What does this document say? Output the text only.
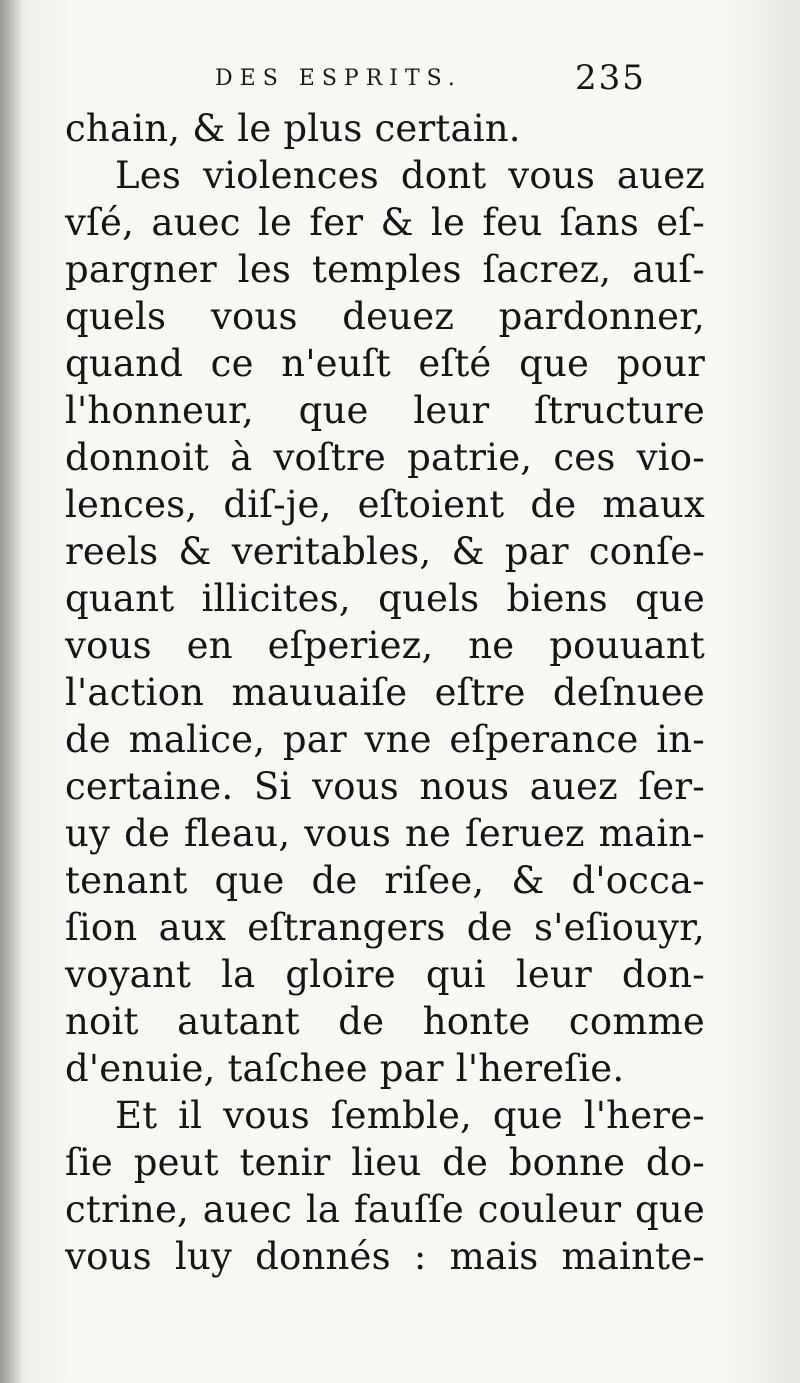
DES ESPRITS.	235
chain, & le plus certain.
Les violences dont vous auez
vſé, auec le fer & le feu ſans eſ-
pargner les temples ſacrez, auſ-
quels vous deuez pardonner,
quand ce n'euſt eſté que pour
l'honneur, que leur ſtructure
donnoit à voſtre patrie, ces vio-
lences, diſ-je, eſtoient de maux
reels & veritables, & par conſe-
quant illicites, quels biens que
vous en eſperiez, ne pouuant
l'action mauuaiſe eſtre deſnuee
de malice, par vne eſperance in-
certaine. Si vous nous auez ſer-
uy de fleau, vous ne ſeruez main-
tenant que de riſee, & d'occa-
ſion aux eſtrangers de s'eſiouyr,
voyant la gloire qui leur don-
noit autant de honte comme
d'enuie, taſchee par l'hereſie.
Et il vous ſemble, que l'here-
ſie peut tenir lieu de bonne do-
ctrine, auec la fauſſe couleur que
vous luy donnés : mais mainte-
